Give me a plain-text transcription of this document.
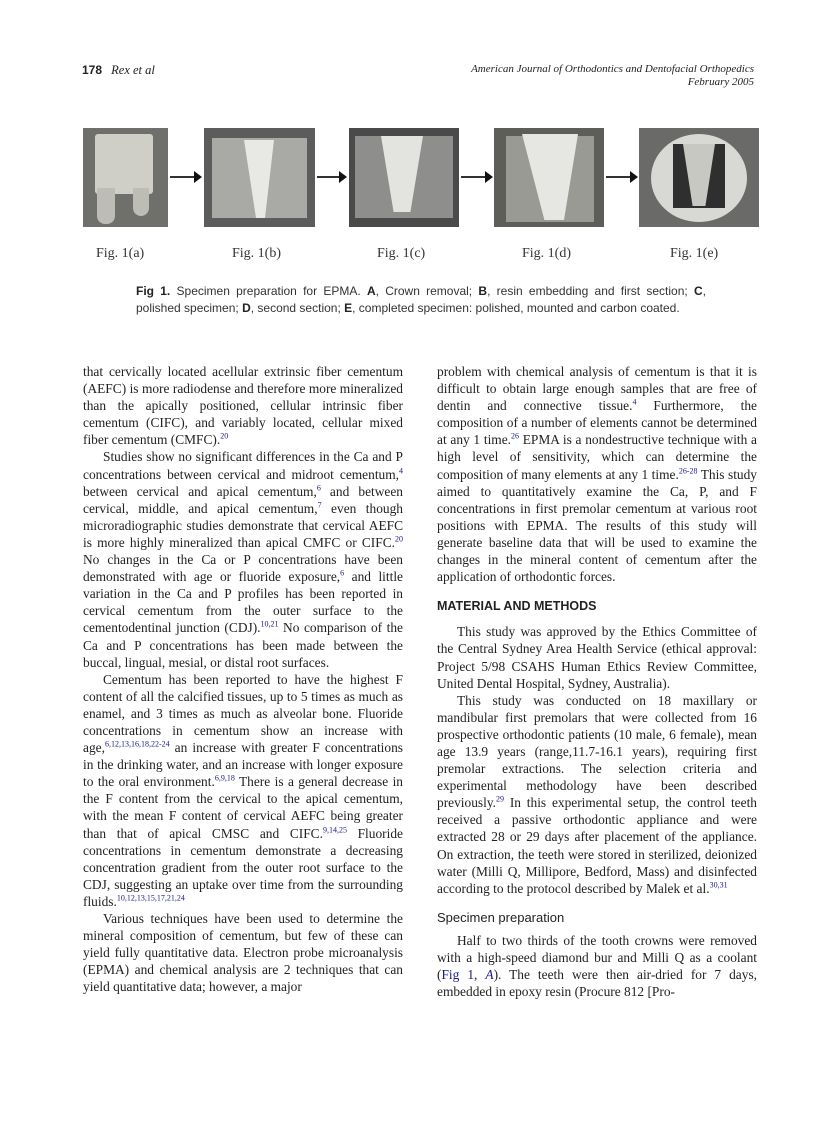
178 Rex et al	American Journal of Orthodontics and Dentofacial Orthopedics
February 2005
Fig. 1(a)	Fig. 1(b)	Fig. 1(c)	Fig. 1(d)	Fig. 1(e)
Fig 1. Specimen preparation for EPMA. A, Crown removal; B, resin embedding and first section; C, polished specimen; D, second section; E, completed specimen: polished, mounted and carbon coated.

that cervically located acellular extrinsic fiber cementum (AEFC) is more radiodense and therefore more mineralized than the apically positioned, cellular intrinsic fiber cementum (CIFC), and variably located, cellular mixed fiber cementum (CMFC).$^{20}$

Studies show no significant differences in the Ca and P concentrations between cervical and midroot cementum,$^4$ between cervical and apical cementum,$^6$ and between cervical, middle, and apical cementum,$^7$ even though microradiographic studies demonstrate that cervical AEFC is more highly mineralized than apical CMFC or CIFC.$^{20}$ No changes in the Ca or P concentrations have been demonstrated with age or fluoride exposure,$^6$ and little variation in the Ca and P profiles has been reported in cervical cementum from the outer surface to the cementodentinal junction (CDJ).$^{10,21}$ No comparison of the Ca and P concentrations has been made between the buccal, lingual, mesial, or distal root surfaces.

Cementum has been reported to have the highest F content of all the calcified tissues, up to 5 times as much as enamel, and 3 times as much as alveolar bone. Fluoride concentrations in cementum show an increase with age,$^{6,12,13,16,18,22-24}$ an increase with greater F concentrations in the drinking water, and an increase with longer exposure to the oral environment.$^{6,9,18}$ There is a general decrease in the F content from the cervical to the apical cementum, with the mean F content of cervical AEFC being greater than that of apical CMSC and CIFC.$^{9,14,25}$ Fluoride concentrations in cementum demonstrate a decreasing concentration gradient from the outer root surface to the CDJ, suggesting an uptake over time from the surrounding fluids.$^{10,12,13,15,17,21,24}$

Various techniques have been used to determine the mineral composition of cementum, but few of these can yield fully quantitative data. Electron probe microanalysis (EPMA) and chemical analysis are 2 techniques that can yield quantitative data; however, a major

problem with chemical analysis of cementum is that it is difficult to obtain large enough samples that are free of dentin and connective tissue.$^4$ Furthermore, the composition of a number of elements cannot be determined at any 1 time.$^{26}$ EPMA is a nondestructive technique with a high level of sensitivity, which can determine the composition of many elements at any 1 time.$^{26-28}$ This study aimed to quantitatively examine the Ca, P, and F concentrations in first premolar cementum at various root positions with EPMA. The results of this study will generate baseline data that will be used to examine the changes in the mineral content of cementum after the application of orthodontic forces.

MATERIAL AND METHODS

This study was approved by the Ethics Committee of the Central Sydney Area Health Service (ethical approval: Project 5/98 CSAHS Human Ethics Review Committee, United Dental Hospital, Sydney, Australia).

This study was conducted on 18 maxillary or mandibular first premolars that were collected from 16 prospective orthodontic patients (10 male, 6 female), mean age 13.9 years (range,11.7-16.1 years), requiring first premolar extractions. The selection criteria and experimental methodology have been described previously.$^{29}$ In this experimental setup, the control teeth received a passive orthodontic appliance and were extracted 28 or 29 days after placement of the appliance. On extraction, the teeth were stored in sterilized, deionized water (Milli Q, Millipore, Bedford, Mass) and disinfected according to the protocol described by Malek et al.$^{30,31}$

Specimen preparation

Half to two thirds of the tooth crowns were removed with a high-speed diamond bur and Milli Q as a coolant (Fig 1, A). The teeth were then air-dried for 7 days, embedded in epoxy resin (Procure 812 [Pro-
